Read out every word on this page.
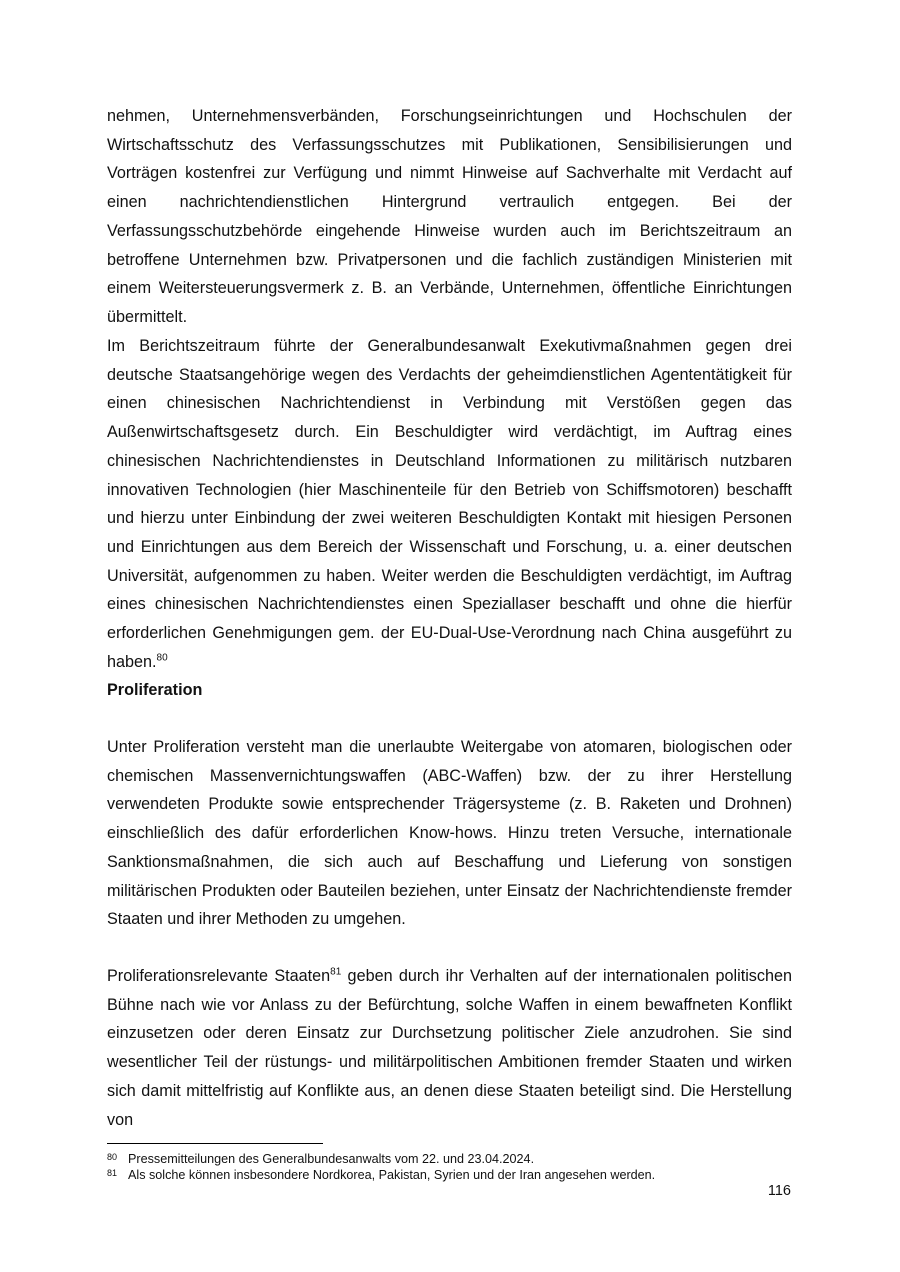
nehmen, Unternehmensverbänden, Forschungseinrichtungen und Hochschulen der Wirtschaftsschutz des Verfassungsschutzes mit Publikationen, Sensibilisierungen und Vorträgen kostenfrei zur Verfügung und nimmt Hinweise auf Sachverhalte mit Verdacht auf einen nachrichtendienstlichen Hintergrund vertraulich entgegen. Bei der Verfassungsschutzbehörde eingehende Hinweise wurden auch im Berichtszeitraum an betroffene Unternehmen bzw. Privatpersonen und die fachlich zuständigen Ministerien mit einem Weitersteuerungsvermerk z. B. an Verbände, Unternehmen, öffentliche Einrichtungen übermittelt.

Im Berichtszeitraum führte der Generalbundesanwalt Exekutivmaßnahmen gegen drei deutsche Staatsangehörige wegen des Verdachts der geheimdienstlichen Agententätigkeit für einen chinesischen Nachrichtendienst in Verbindung mit Verstößen gegen das Außenwirtschaftsgesetz durch. Ein Beschuldigter wird verdächtigt, im Auftrag eines chinesischen Nachrichtendienstes in Deutschland Informationen zu militärisch nutzbaren innovativen Technologien (hier Maschinenteile für den Betrieb von Schiffsmotoren) beschafft und hierzu unter Einbindung der zwei weiteren Beschuldigten Kontakt mit hiesigen Personen und Einrichtungen aus dem Bereich der Wissenschaft und Forschung, u. a. einer deutschen Universität, aufgenommen zu haben. Weiter werden die Beschuldigten verdächtigt, im Auftrag eines chinesischen Nachrichtendienstes einen Speziallaser beschafft und ohne die hierfür erforderlichen Genehmigungen gem. der EU-Dual-Use-Verordnung nach China ausgeführt zu haben.$^{80}$

Proliferation

Unter Proliferation versteht man die unerlaubte Weitergabe von atomaren, biologischen oder chemischen Massenvernichtungswaffen (ABC-Waffen) bzw. der zu ihrer Herstellung verwendeten Produkte sowie entsprechender Trägersysteme (z. B. Raketen und Drohnen) einschließlich des dafür erforderlichen Know-hows. Hinzu treten Versuche, internationale Sanktionsmaßnahmen, die sich auch auf Beschaffung und Lieferung von sonstigen militärischen Produkten oder Bauteilen beziehen, unter Einsatz der Nachrichtendienste fremder Staaten und ihrer Methoden zu umgehen.

Proliferationsrelevante Staaten$^{81}$ geben durch ihr Verhalten auf der internationalen politischen Bühne nach wie vor Anlass zu der Befürchtung, solche Waffen in einem bewaffneten Konflikt einzusetzen oder deren Einsatz zur Durchsetzung politischer Ziele anzudrohen. Sie sind wesentlicher Teil der rüstungs- und militärpolitischen Ambitionen fremder Staaten und wirken sich damit mittelfristig auf Konflikte aus, an denen diese Staaten beteiligt sind. Die Herstellung von

80 Pressemitteilungen des Generalbundesanwalts vom 22. und 23.04.2024.

81 Als solche können insbesondere Nordkorea, Pakistan, Syrien und der Iran angesehen werden.

116
